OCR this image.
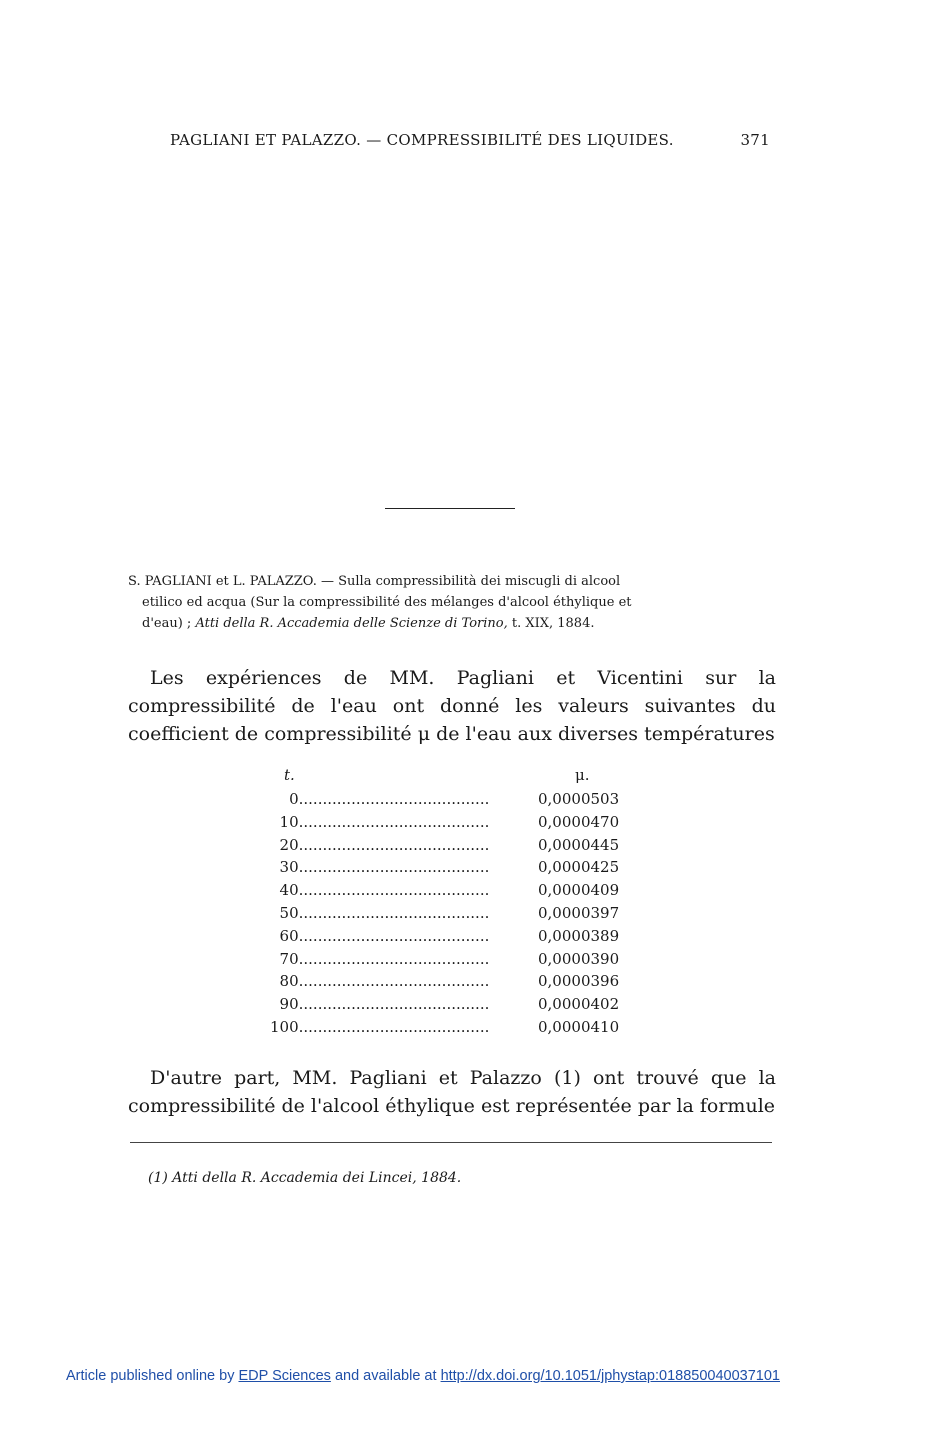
PAGLIANI ET PALAZZO. — COMPRESSIBILITÉ DES LIQUIDES.	371
S. PAGLIANI et L. PALAZZO. — Sulla compressibilità dei miscugli di alcool
etilico ed acqua (Sur la compressibilité des mélanges d'alcool éthylique et
d'eau) ; Atti della R. Accademia delle Scienze di Torino, t. XIX, 1884.
Les expériences de MM. Pagliani et Vicentini sur la compressibilité de l'eau ont donné les valeurs suivantes du coefficient de compressibilité μ de l'eau aux diverses températures
t.	μ.
  0........................................	0,0000503
 10........................................	0,0000470
 20........................................	0,0000445
 30........................................	0,0000425
 40........................................	0,0000409
 50........................................	0,0000397
 60........................................	0,0000389
 70........................................	0,0000390
 80........................................	0,0000396
 90........................................	0,0000402
100........................................	0,0000410
D'autre part, MM. Pagliani et Palazzo (1) ont trouvé que la compressibilité de l'alcool éthylique est représentée par la formule
(1) Atti della R. Accademia dei Lincei, 1884.
Article published online by EDP Sciences and available at http://dx.doi.org/10.1051/jphystap:018850040037101
